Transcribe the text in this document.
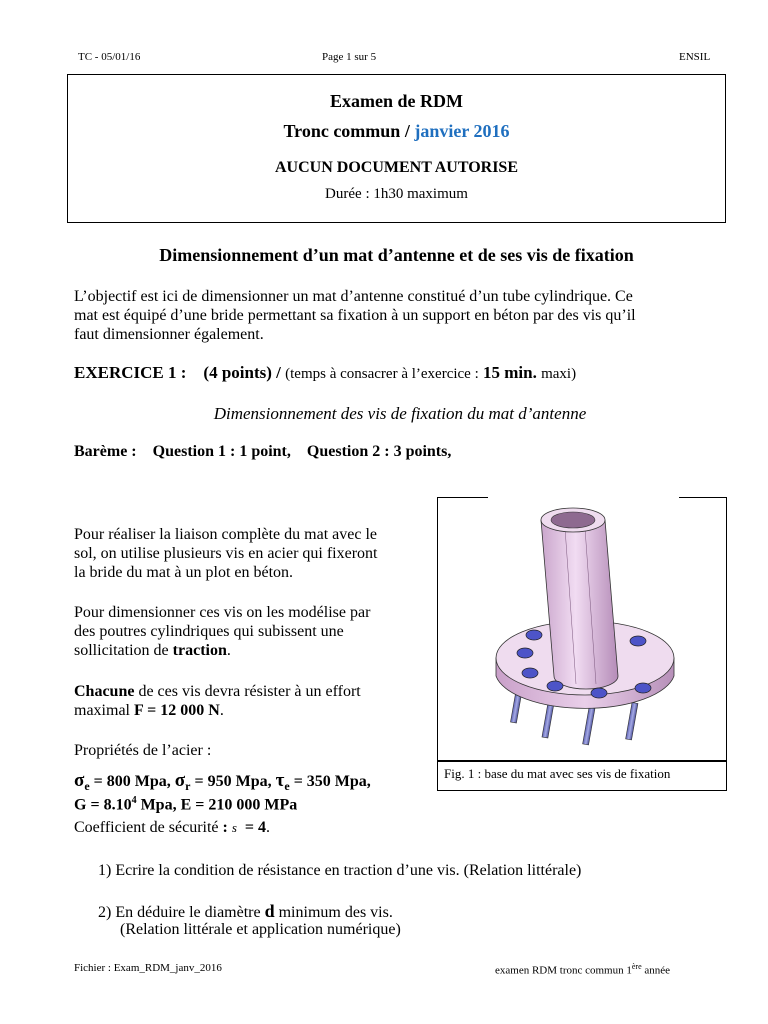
TC - 05/01/16	Page 1 sur 5	ENSIL
Examen de RDM
Tronc commun / janvier 2016
AUCUN DOCUMENT AUTORISE
Durée : 1h30 maximum
Dimensionnement d’un mat d’antenne et de ses vis de fixation
L’objectif est ici de dimensionner un mat d’antenne constitué d’un tube cylindrique. Ce
mat est équipé d’une bride permettant sa fixation à un support en béton par des vis qu’il
faut dimensionner également.
EXERCICE 1 : (4 points) / (temps à consacrer à l’exercice : 15 min. maxi)
Dimensionnement des vis de fixation du mat d’antenne
Barème : Question 1 : 1 point, Question 2 : 3 points,
Pour réaliser la liaison complète du mat avec le
sol, on utilise plusieurs vis en acier qui fixeront
la bride du mat à un plot en béton.
Pour dimensionner ces vis on les modélise par
des poutres cylindriques qui subissent une
sollicitation de traction.
Chacune de ces vis devra résister à un effort
maximal F = 12 000 N.
Propriétés de l’acier :
$\sigma_e = 800$ Mpa, $\sigma_r = 950$ Mpa, $\tau_e = 350$ Mpa,
$G = 8.10^4$ Mpa, E = 210 000 MPa
Coefficient de sécurité : s = 4.
Fig. 1 : base du mat avec ses vis de fixation
1) Ecrire la condition de résistance en traction d’une vis. (Relation littérale)
2) En déduire le diamètre d minimum des vis.
(Relation littérale et application numérique)
Fichier : Exam_RDM_janv_2016	examen RDM tronc commun 1ère année
